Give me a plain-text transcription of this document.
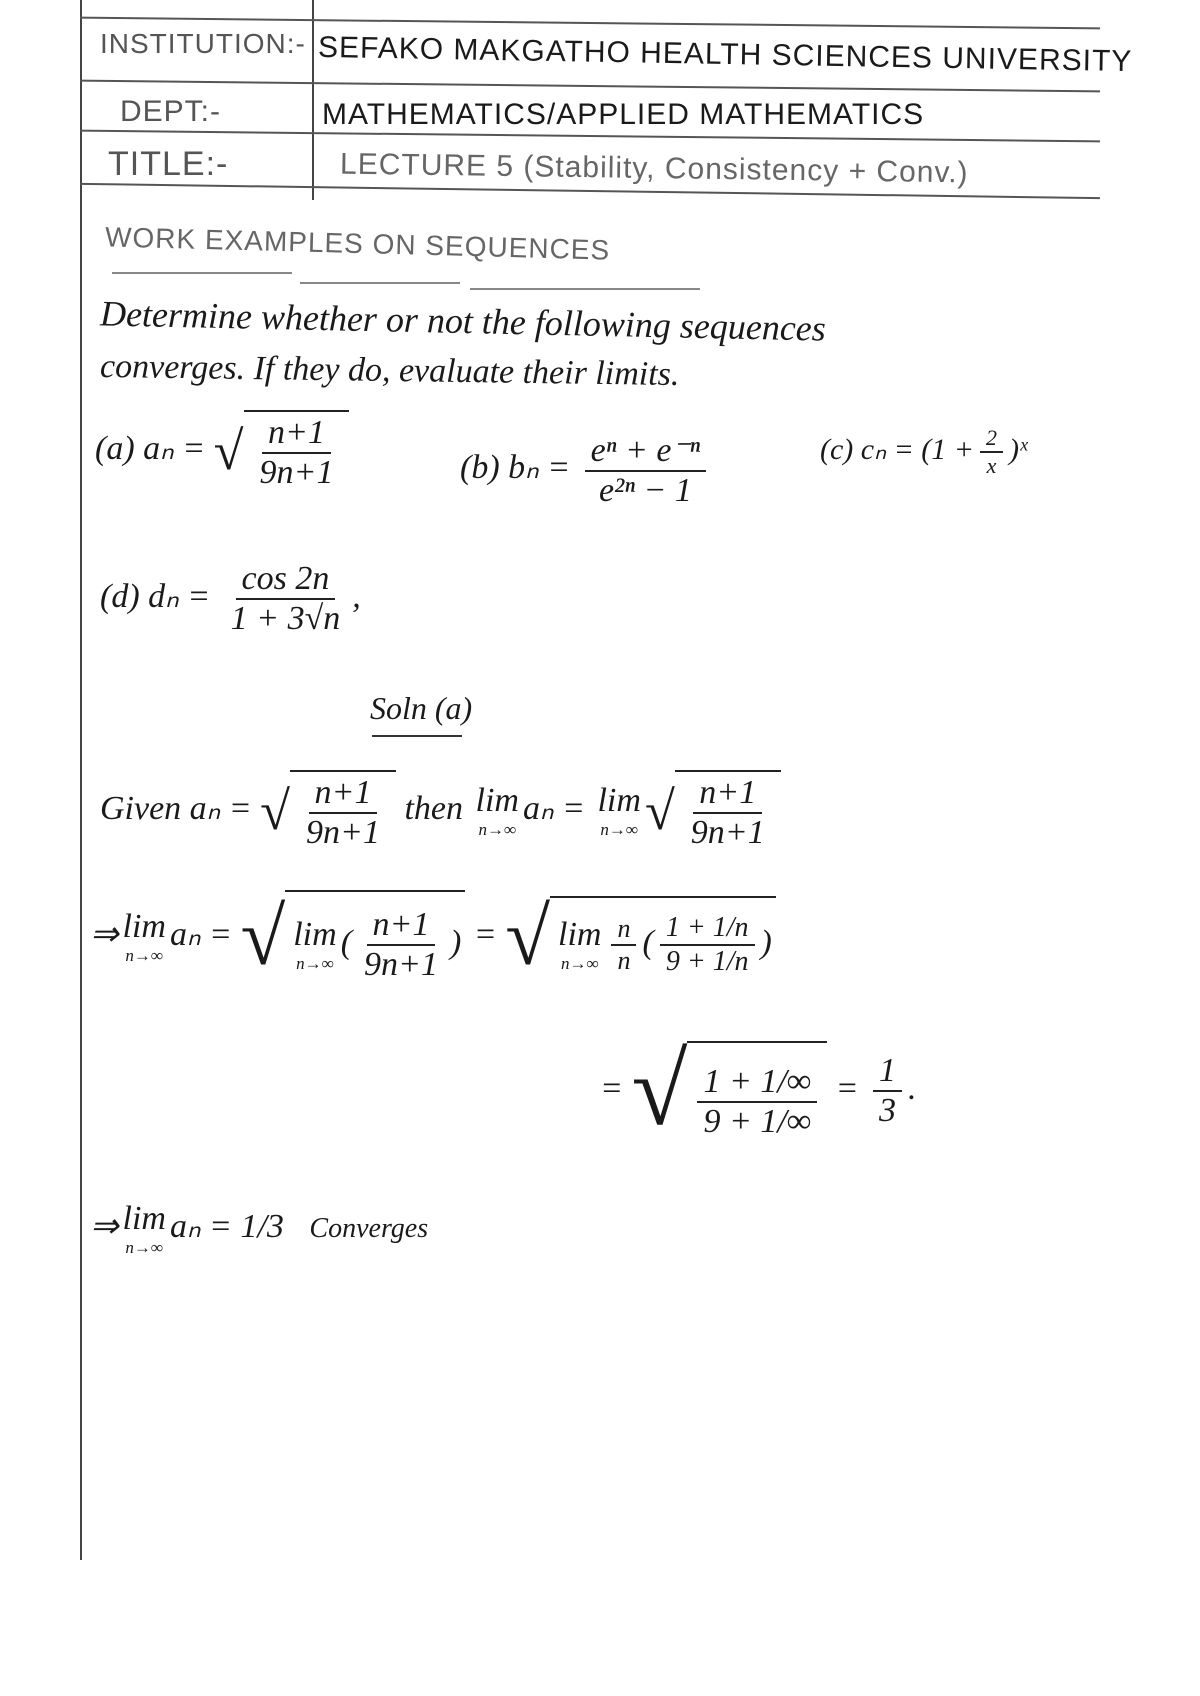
INSTITUTION:- SEFAKO MAKGATHO HEALTH SCIENCES UNIVERSITY
DEPT:-	MATHEMATICS/APPLIED MATHEMATICS
TITLE:-	LECTURE 5 (Stability, Consistency + Conv.)
WORK EXAMPLES ON SEQUENCES
Determine whether or not the following sequences
converges. If they do, evaluate their limits.
(a) aₙ = √ $\frac{n+1}{9n+1}$	(b) $b_n = \frac{\text{eⁿ + e⁻ⁿ}}{\text{e²ⁿ − 1}}$	(c) $c_n = (1 + \frac{2}{x}$ )ˣ
(d) $d_n = \frac{\cos 2n}{1 + 3√n}$ ,
Soln (a)
Given aₙ = √ $\frac{n+1}{9n+1}$ then lim
n→∞
aₙ = lim
n→∞ √ $\frac{n+1}{9n+1}$
⇒ lim
n→∞
aₙ = √ lim
n→∞
( $\frac{n+1}{9n+1}$ ) = √ lim
$n\to\infty \frac{n}{n}$ ( $\frac{1 + 1/n}{9 + 1/n}$ )
= √ $\frac{1 + 1/\infty}{9 + 1/\infty} = \frac{1}{3}$ .
⇒ lim
n→∞
aₙ = 1/3 Converges
